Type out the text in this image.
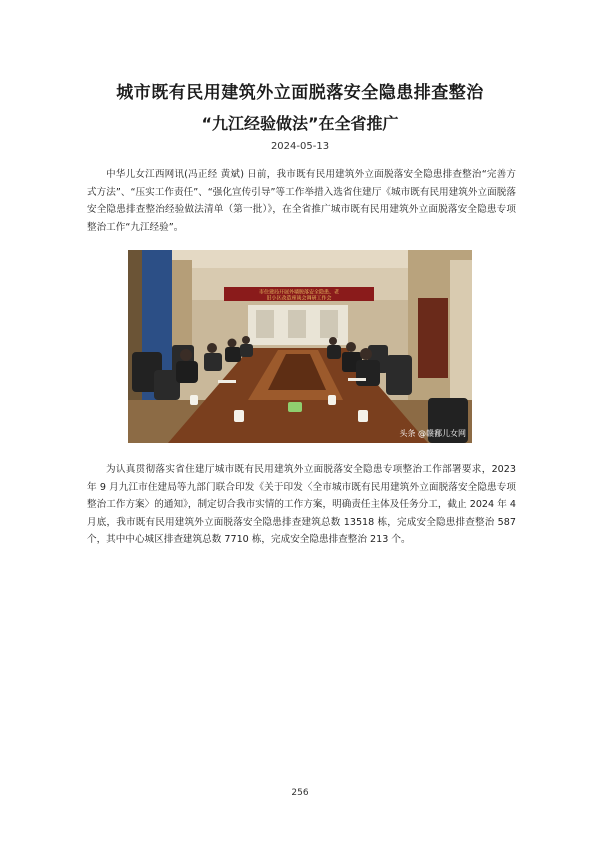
城市既有民用建筑外立面脱落安全隐患排查整治
“九江经验做法”在全省推广
2024-05-13

中华儿女江西网讯(冯正经 黄斌) 日前，我市既有民用建筑外立面脱落安全隐患排查整治“完善方式方法”、“压实工作责任”、“强化宣传引导”等工作举措入选省住建厅《城市既有民用建筑外立面脱落安全隐患排查整治经验做法清单（第一批）》，在全省推广城市既有民用建筑外立面脱落安全隐患专项整治工作“九江经验”。

市住建局开展外墙脱落安全隐患、老
旧小区改造座谈会调研工作会
头条 @赣鄱儿女网

为认真贯彻落实省住建厅城市既有民用建筑外立面脱落安全隐患专项整治工作部署要求，2023 年 9 月九江市住建局等九部门联合印发《关于印发〈全市城市既有民用建筑外立面脱落安全隐患专项整治工作方案〉的通知》，制定切合我市实情的工作方案，明确责任主体及任务分工，截止 2024 年 4 月底，我市既有民用建筑外立面脱落安全隐患排查建筑总数 13518 栋，完成安全隐患排查整治 587 个，其中中心城区排查建筑总数 7710 栋，完成安全隐患排查整治 213 个。

256
